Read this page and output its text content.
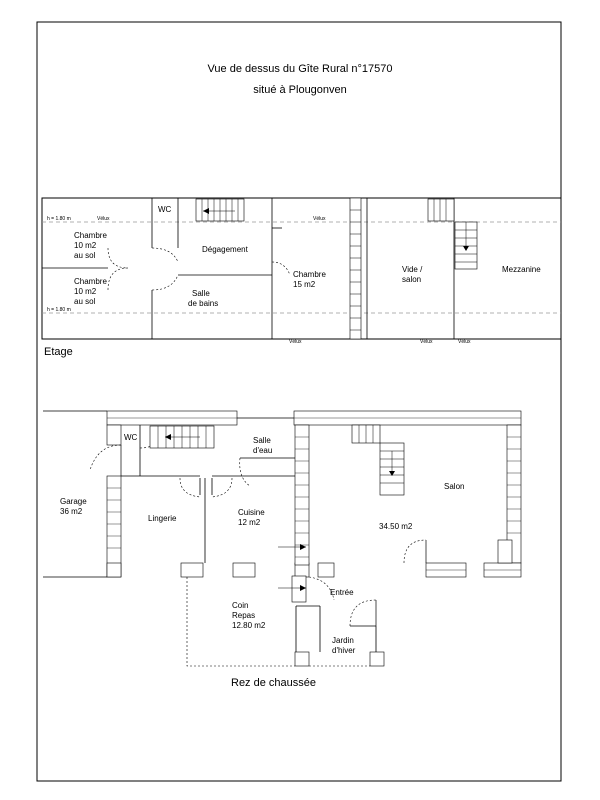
Vue de dessus du Gîte Rural n°17570
situé à Plougonven
h = 1.80 m
h = 1.80 m
Vélux	Vélux
Vélux	Vélux	Vélux
WC
Chambre
10 m2
au sol
Chambre
10 m2
au sol
Dégagement
Salle
de bains
Chambre
15 m2
Vide /
salon
Mezzanine
Etage
WC	Salle
d'eau
Garage
36 m2
Lingerie
Cuisine
12 m2
Salon
34.50 m2
Entrée
Coin
Repas
12.80 m2
Jardin
d'hiver
Rez de chaussée
